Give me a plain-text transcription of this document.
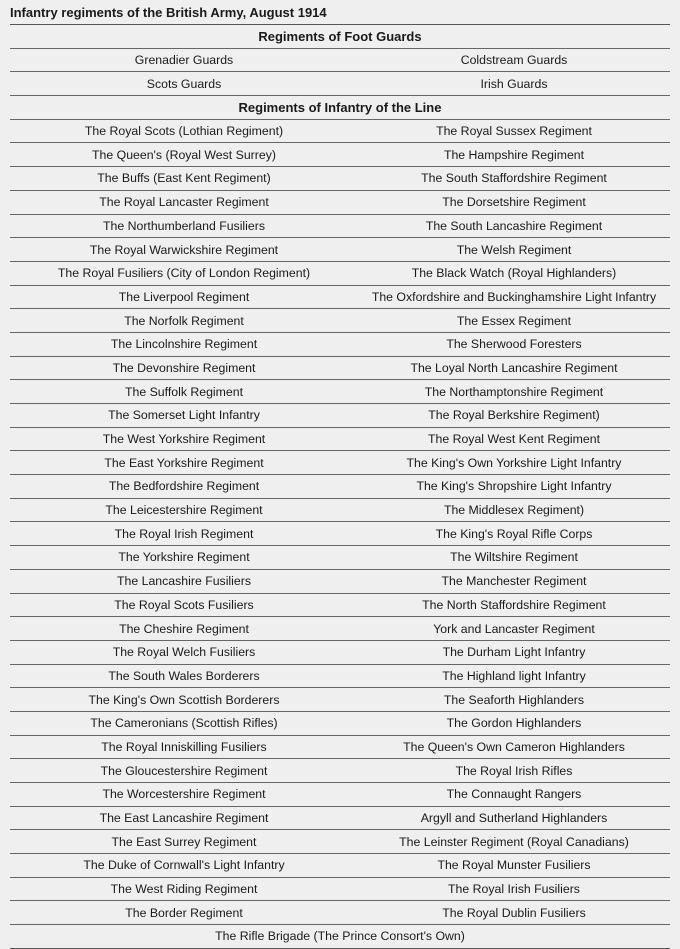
Infantry regiments of the British Army, August 1914
Regiments of Foot Guards
Grenadier Guards	Coldstream Guards
Scots Guards	Irish Guards
Regiments of Infantry of the Line
The Royal Scots (Lothian Regiment)	The Royal Sussex Regiment
The Queen's (Royal West Surrey)	The Hampshire Regiment
The Buffs (East Kent Regiment)	The South Staffordshire Regiment
The Royal Lancaster Regiment	The Dorsetshire Regiment
The Northumberland Fusiliers	The South Lancashire Regiment
The Royal Warwickshire Regiment	The Welsh Regiment
The Royal Fusiliers (City of London Regiment)	The Black Watch (Royal Highlanders)
The Liverpool Regiment	The Oxfordshire and Buckinghamshire Light Infantry
The Norfolk Regiment	The Essex Regiment
The Lincolnshire Regiment	The Sherwood Foresters
The Devonshire Regiment	The Loyal North Lancashire Regiment
The Suffolk Regiment	The Northamptonshire Regiment
The Somerset Light Infantry	The Royal Berkshire Regiment)
The West Yorkshire Regiment	The Royal West Kent Regiment
The East Yorkshire Regiment	The King's Own Yorkshire Light Infantry
The Bedfordshire Regiment	The King's Shropshire Light Infantry
The Leicestershire Regiment	The Middlesex Regiment)
The Royal Irish Regiment	The King's Royal Rifle Corps
The Yorkshire Regiment	The Wiltshire Regiment
The Lancashire Fusiliers	The Manchester Regiment
The Royal Scots Fusiliers	The North Staffordshire Regiment
The Cheshire Regiment	York and Lancaster Regiment
The Royal Welch Fusiliers	The Durham Light Infantry
The South Wales Borderers	The Highland light Infantry
The King's Own Scottish Borderers	The Seaforth Highlanders
The Cameronians (Scottish Rifles)	The Gordon Highlanders
The Royal Inniskilling Fusiliers	The Queen's Own Cameron Highlanders
The Gloucestershire Regiment	The Royal Irish Rifles
The Worcestershire Regiment	The Connaught Rangers
The East Lancashire Regiment	Argyll and Sutherland Highlanders
The East Surrey Regiment	The Leinster Regiment (Royal Canadians)
The Duke of Cornwall's Light Infantry	The Royal Munster Fusiliers
The West Riding Regiment	The Royal Irish Fusiliers
The Border Regiment	The Royal Dublin Fusiliers
The Rifle Brigade (The Prince Consort's Own)
